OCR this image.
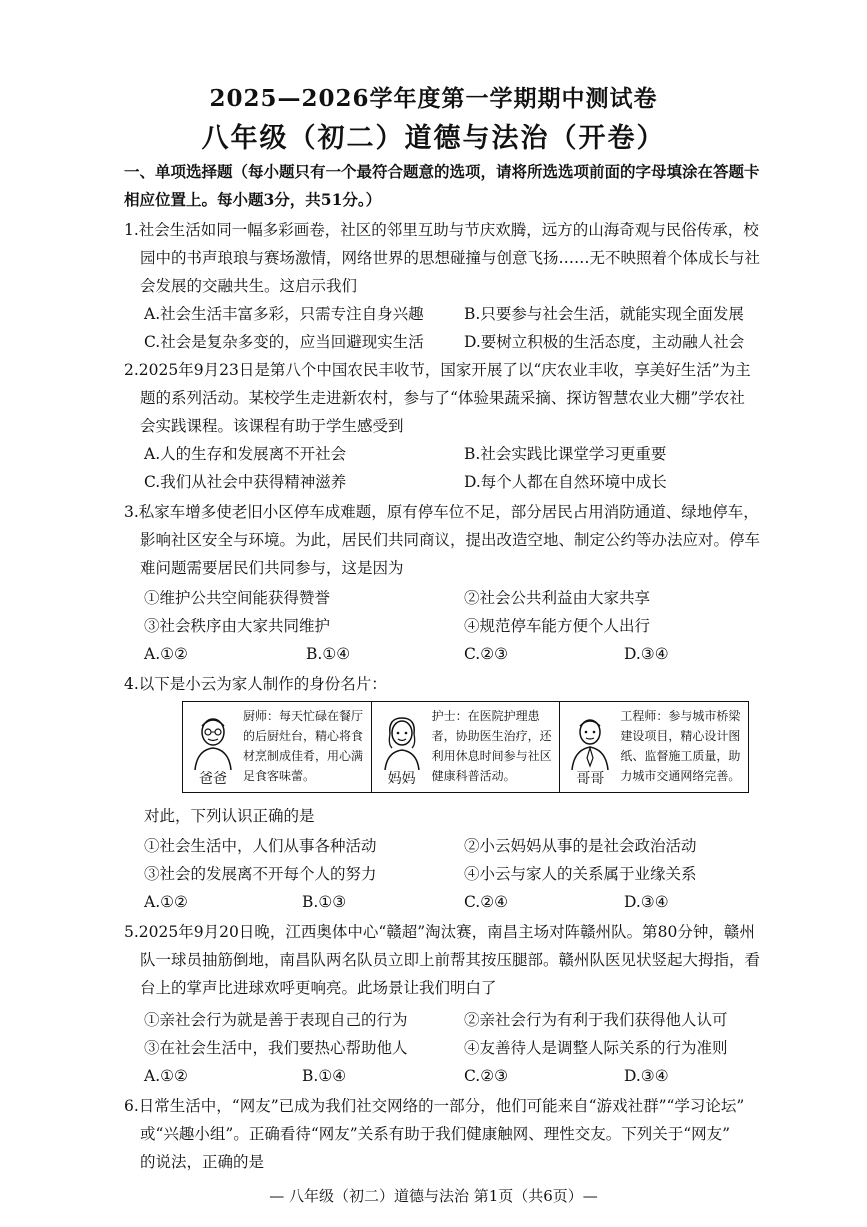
2025—2026学年度第一学期期中测试卷
八年级（初二）道德与法治（开卷）
一、单项选择题（每小题只有一个最符合题意的选项，请将所选选项前面的字母填涂在答题卡
相应位置上。每小题3分，共51分。）
1.社会生活如同一幅多彩画卷，社区的邻里互助与节庆欢腾，远方的山海奇观与民俗传承，校
园中的书声琅琅与赛场激情，网络世界的思想碰撞与创意飞扬……无不映照着个体成长与社
会发展的交融共生。这启示我们
A.社会生活丰富多彩，只需专注自身兴趣	B.只要参与社会生活，就能实现全面发展
C.社会是复杂多变的，应当回避现实生活	D.要树立积极的生活态度，主动融人社会
2.2025年9月23日是第八个中国农民丰收节，国家开展了以“庆农业丰收，享美好生活”为主
题的系列活动。某校学生走进新农村，参与了“体验果蔬采摘、探访智慧农业大棚”学农社
会实践课程。该课程有助于学生感受到
A.人的生存和发展离不开社会	B.社会实践比课堂学习更重要
C.我们从社会中获得精神滋养	D.每个人都在自然环境中成长
3.私家车增多使老旧小区停车成难题，原有停车位不足，部分居民占用消防通道、绿地停车，
影响社区安全与环境。为此，居民们共同商议，提出改造空地、制定公约等办法应对。停车
难问题需要居民们共同参与，这是因为
①维护公共空间能获得赞誉	②社会公共利益由大家共享
③社会秩序由大家共同维护	④规范停车能方便个人出行
A.①②	B.①④	C.②③	D.③④
4.以下是小云为家人制作的身份名片：
爸爸
厨师：每天忙碌在餐厅的后厨灶台，精心将食材烹制成佳肴，用心满足食客味蕾。	妈妈
护士：在医院护理患者，协助医生治疗，还利用休息时间参与社区健康科普活动。	哥哥
工程师：参与城市桥梁建设项目，精心设计图纸、监督施工质量，助力城市交通网络完善。
对此，下列认识正确的是
①社会生活中，人们从事各种活动	②小云妈妈从事的是社会政治活动
③社会的发展离不开每个人的努力	④小云与家人的关系属于业缘关系
A.①②	B.①③	C.②④	D.③④
5.2025年9月20日晚，江西奥体中心“赣超”淘汰赛，南昌主场对阵赣州队。第80分钟，赣州
队一球员抽筋倒地，南昌队两名队员立即上前帮其按压腿部。赣州队医见状竖起大拇指，看
台上的掌声比进球欢呼更响亮。此场景让我们明白了
①亲社会行为就是善于表现自己的行为	②亲社会行为有利于我们获得他人认可
③在社会生活中，我们要热心帮助他人	④友善待人是调整人际关系的行为准则
A.①②	B.①④	C.②③	D.③④
6.日常生活中，“网友”已成为我们社交网络的一部分，他们可能来自“游戏社群”“学习论坛”
或“兴趣小组”。正确看待“网友”关系有助于我们健康触网、理性交友。下列关于“网友”
的说法，正确的是
— 八年级（初二）道德与法治 第1页（共6页）—
